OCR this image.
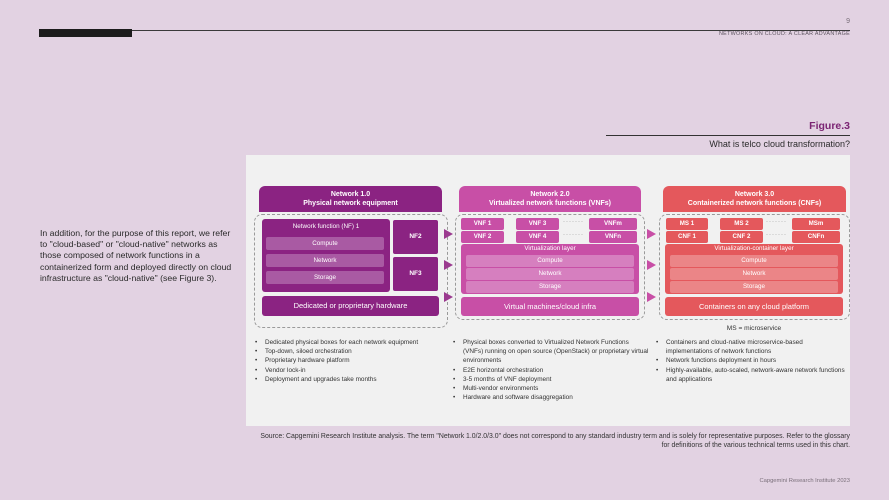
9
NETWORKS ON CLOUD: A CLEAR ADVANTAGE
In addition, for the purpose of this report, we refer to "cloud-based" or "cloud-native" networks as those composed of network functions in a containerized form and deployed directly on cloud infrastructure as "cloud-native" (see Figure 3).
Figure.3
What is telco cloud transformation?
Network 1.0
Physical network equipment
Network function (NF) 1
Compute
Network
Storage
NF2
NF3
Dedicated or proprietary hardware
Network 2.0
Virtualized network functions (VNFs)
VNF 1	VNF 3	VNFm
VNF 2	VNF 4	VNFn
·······
·······
Virtualization layer
Compute
Network
Storage
Virtual machines/cloud infra
Network 3.0
Containerized network functions (CNFs)
MS 1	MS 2	MSm
CNF 1	CNF 2	CNFn
·······
·······
Virtualization-container layer
Compute
Network
Storage
Containers on any cloud platform
MS = microservice
• Dedicated physical boxes for each network equipment
• Top-down, siloed orchestration
• Proprietary hardware platform
• Vendor lock-in
• Deployment and upgrades take months
• Physical boxes converted to Virtualized Network Functions (VNFs) running on open source (OpenStack) or proprietary virtual environments
• E2E horizontal orchestration
• 3-5 months of VNF deployment
• Multi-vendor environments
• Hardware and software disaggregation
• Containers and cloud-native microservice-based implementations of network functions
• Network functions deployment in hours
• Highly-available, auto-scaled, network-aware network functions and applications
Source: Capgemini Research Institute analysis. The term "Network 1.0/2.0/3.0" does not correspond to any standard industry term and is solely for representative purposes. Refer to the glossary for definitions of the various technical terms used in this chart.
Capgemini Research Institute 2023
